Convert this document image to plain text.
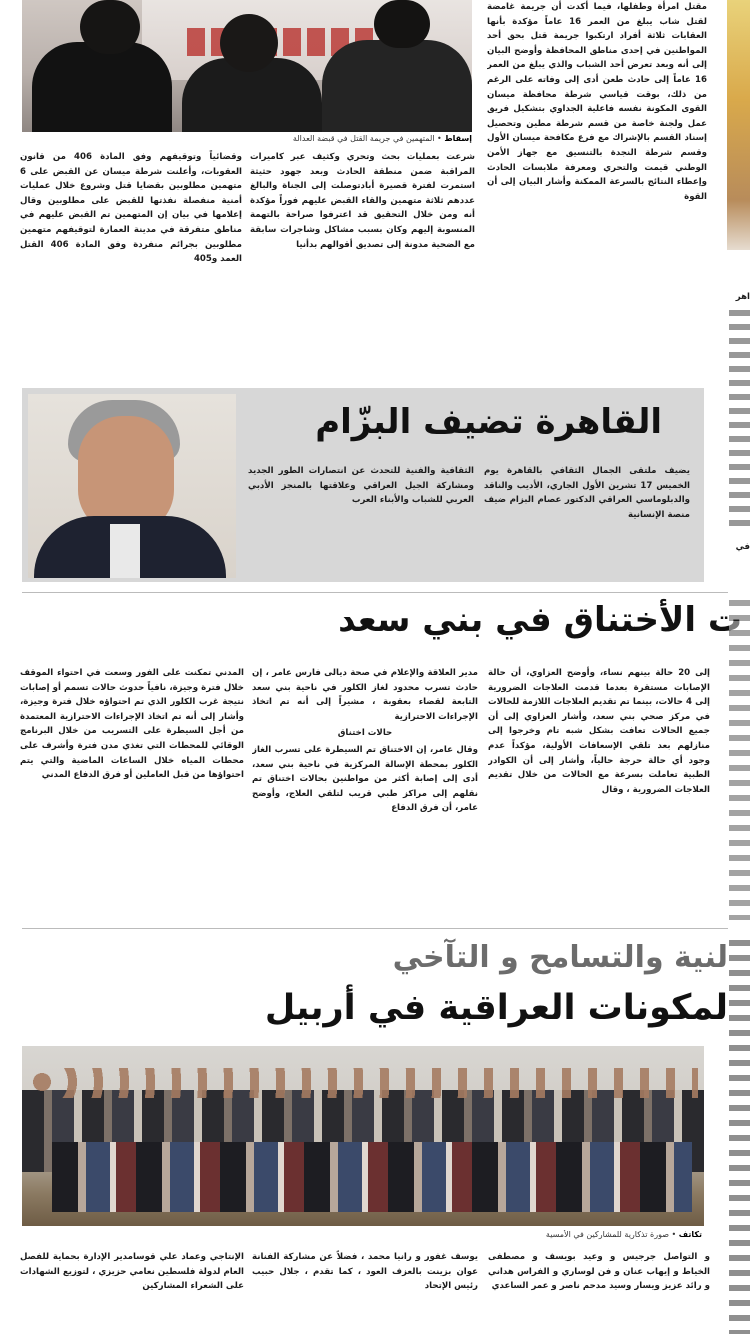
إسقاط • المتهمين في جريمة القتل في قبضة العدالة
مقتل امرأة وطفلها، فيما أكدت أن جريمة غامضة لقتل شاب يبلغ من العمر 16 عاماً مؤكدة بأنها العقابات ثلاثة أفراد ارتكبوا جريمة قتل بحق أحد المواطنين في إحدى مناطق المحافظة وأوضح البيان إلى أنه وبعد تعرض أحد الشباب والذي يبلغ من العمر 16 عاماً إلى حادث طعن أدى إلى وفاته على الرغم من ذلك، بوقت قياسي شرطة محافظة ميسان القوى المكونة نفسه فاعلية الجداوي بتشكيل فريق عمل ولجنة خاصة من قسم شرطة مطين وتحصيل إسناد القسم بالإشراك مع فرع مكافحة ميسان الأول وقسم شرطة النجدة بالتنسيق مع جهاز الأمن الوطني قيمت والتحري ومعرفة ملابسات الحادث وإعطاء النتائج بالسرعة الممكنة وأشار البيان إلى أن القوة
شرعت بعمليات بحث وتحري وكثيف عبر كاميرات المراقبة ضمن منطقة الحادث وبعد جهود حثيثة استمرت لفترة قصيرة أبادتوصلت إلى الجناة والبالغ عددهم ثلاثة متهمين والقاء القبض عليهم فوراً مؤكدة أنه ومن خلال التحقيق قد اعترفوا صراحة بالتهمة المنسوبة إليهم وكان بسبب مشاكل وشاجرات سابقة مع الضحية مدونة إلى تصديق أقوالهم بدأنيا
وقضائياً وتوقيفهم وفق المادة 406 من قانون العقوبات، وأعلنت شرطة ميسان عن القبض على 6 متهمين مطلوبين بقضايا قتل وشروع خلال عمليات أمنية منفصلة نفذتها للقبض على مطلوبين وقال إعلامها في بيان إن المتهمين تم القبض عليهم في مناطق متفرقة في مدينة العمارة لتوقيفهم متهمين مطلوبين بجرائم منفردة وفق المادة 406 القتل العمد و405
اهر
في
القاهرة تضيف البزّام
يضيف ملتقى الجمال الثقافي بالقاهرة يوم الخميس 17 تشرين الأول الجاري، الأديب والناقد والدبلوماسي العراقي الدكتور عصام البزام ضيف منصة الإنسانية
الثقافية والفنية للتحدث عن انتصارات الطور الجديد ومشاركة الجيل العراقي وعلاقتها بالمنجز الأدبي العربي للشباب والأبناء العرب
ت الأختناق في بني سعد
إلى 20 حالة بينهم نساء، وأوضح العزاوي، أن حالة الإصابات مستقرة بعدما قدمت العلاجات الضرورية إلى 4 حالات، بينما تم تقديم العلاجات اللازمة للحالات في مركز صحي بني سعد، وأشار العزاوي إلى أن جميع الحالات تعافت بشكل شبه تام وخرجوا إلى منازلهم بعد تلقي الإسعافات الأولية، مؤكداً عدم وجود أي حالة حرجة حالياً، وأشار إلى أن الكوادر الطبية تعاملت بسرعة مع الحالات من خلال تقديم العلاجات الضرورية ، وقال
مدير العلاقة والإعلام في صحة ديالى فارس عامر ، إن حادث تسرب محدود لغاز الكلور في ناحية بني سعد التابعة لقضاء بعقوبة ، مشيراً إلى أنه تم اتخاذ الإجراءات الاحترازية
حالات اختناق
وقال عامر، إن الاختناق تم السيطرة على تسرب الغاز الكلور بمحطة الإسالة المركزية في ناحية بني سعد، أدى إلى إصابة أكثر من مواطنين بحالات اختناق تم نقلهم إلى مراكز طبي قريب لتلقي العلاج، وأوضح عامر، أن فرق الدفاع
المدني تمكنت على الفور وسعت في احتواء الموقف خلال فترة وجيزة، نافياً حدوث حالات تسمم أو إصابات نتيجة غرب الكلور الذي تم احتواؤه خلال فترة وجيزة، وأشار إلى أنه تم اتخاذ الإجراءات الاحترازية المعتمدة من أجل السيطرة على التسريب من خلال البرنامج الوقائي للمحطات التي تغذي مدن فترة وأشرف على محطات المياه خلال الساعات الماضية والتي يتم احتواؤها من قبل العاملين أو فرق الدفاع المدني
لنية والتسامح و التآخي
لمكونات العراقية في أربيل
تكاتف • صورة تذكارية للمشاركين في الأمسية
و التواصل جرجيس و وعيد بويسف و مصطفى الخياط و إيهاب عنان و فن لوساري و الفراس هداني و رائد عزيز ويسار وسيد مدحم ناصر و عمر الساعدي
يوسف غفور و رانيا محمد ، فضلاً عن مشاركة الفنانة عوان بزينت بالعزف العود ، كما تقدم ، جلال حبيب رئيس الإتحاد
الإنتاجي وعماد علي قوسامدير الإدارة بحماية للفصل العام لدولة فلسطين نعامي حزيزي ، لتوزيع الشهادات على الشعراء المشاركين
